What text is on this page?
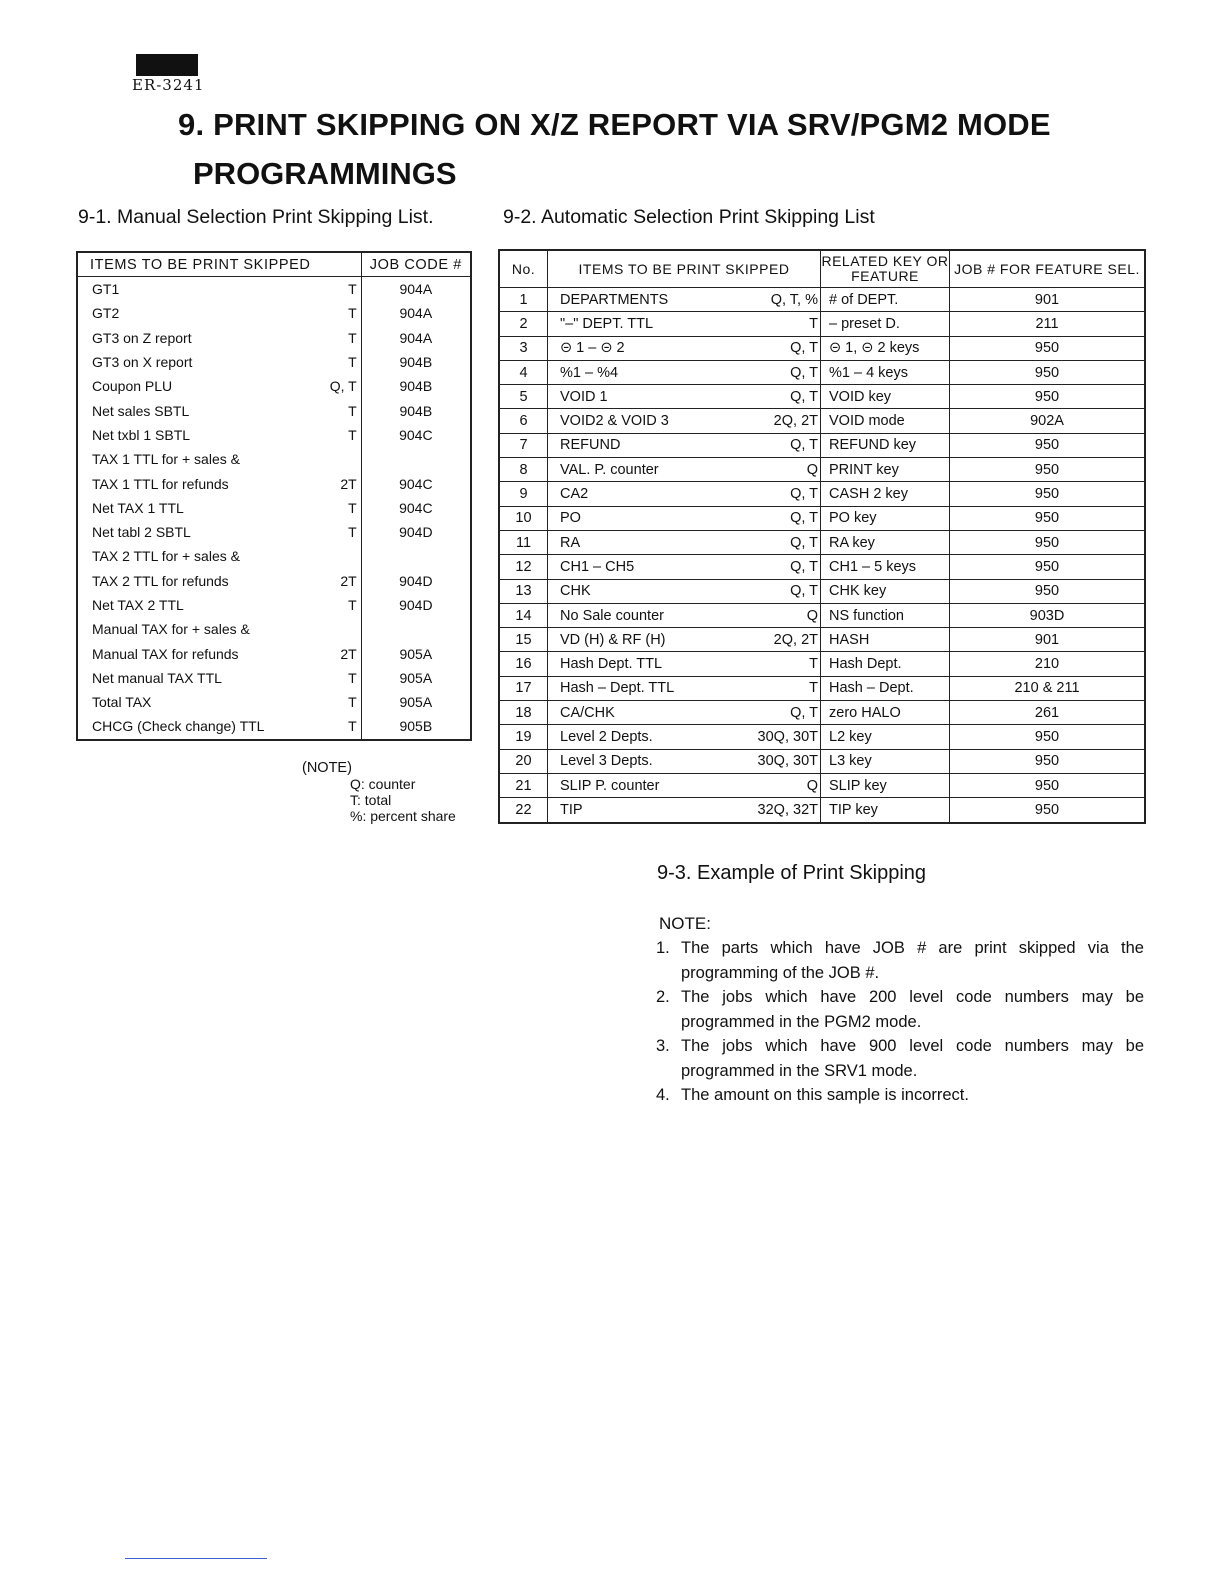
ER-3241
9. PRINT SKIPPING ON X/Z REPORT VIA SRV/PGM2 MODE
PROGRAMMINGS
9-1. Manual Selection Print Skipping List.	9-2. Automatic Selection Print Skipping List
ITEMS TO BE PRINT SKIPPED		JOB CODE #
GT1	T	904A
GT2	T	904A
GT3 on Z report	T	904A
GT3 on X report	T	904B
Coupon PLU	Q, T	904B
Net sales SBTL	T	904B
Net txbl 1 SBTL	T	904C
TAX 1 TTL for + sales &		
TAX 1 TTL for refunds	2T	904C
Net TAX 1 TTL	T	904C
Net tabl 2 SBTL	T	904D
TAX 2 TTL for + sales &		
TAX 2 TTL for refunds	2T	904D
Net TAX 2 TTL	T	904D
Manual TAX for + sales &		
Manual TAX for refunds	2T	905A
Net manual TAX TTL	T	905A
Total TAX	T	905A
CHCG (Check change) TTL	T	905B
(NOTE)
Q: counter
T: total
%: percent share
No.	ITEMS TO BE PRINT SKIPPED		RELATED KEY OR FEATURE	JOB # FOR FEATURE SEL.
1	DEPARTMENTS	Q, T, %	# of DEPT.	901
2	"–" DEPT. TTL	T	– preset D.	211
3	⊝ 1 – ⊝ 2	Q, T	⊝ 1, ⊝ 2 keys	950
4	%1 – %4	Q, T	%1 – 4 keys	950
5	VOID 1	Q, T	VOID key	950
6	VOID2 & VOID 3	2Q, 2T	VOID mode	902A
7	REFUND	Q, T	REFUND key	950
8	VAL. P. counter	Q	PRINT key	950
9	CA2	Q, T	CASH 2 key	950
10	PO	Q, T	PO key	950
11	RA	Q, T	RA key	950
12	CH1 – CH5	Q, T	CH1 – 5 keys	950
13	CHK	Q, T	CHK key	950
14	No Sale counter	Q	NS function	903D
15	VD (H) & RF (H)	2Q, 2T	HASH	901
16	Hash Dept. TTL	T	Hash Dept.	210
17	Hash – Dept. TTL	T	Hash – Dept.	210 & 211
18	CA/CHK	Q, T	zero HALO	261
19	Level 2 Depts.	30Q, 30T	L2 key	950
20	Level 3 Depts.	30Q, 30T	L3 key	950
21	SLIP P. counter	Q	SLIP key	950
22	TIP	32Q, 32T	TIP key	950
9-3. Example of Print Skipping
NOTE:
1. The parts which have JOB # are print skipped via the programming of the JOB #.
2. The jobs which have 200 level code numbers may be programmed in the PGM2 mode.
3. The jobs which have 900 level code numbers may be programmed in the SRV1 mode.
4. The amount on this sample is incorrect.
